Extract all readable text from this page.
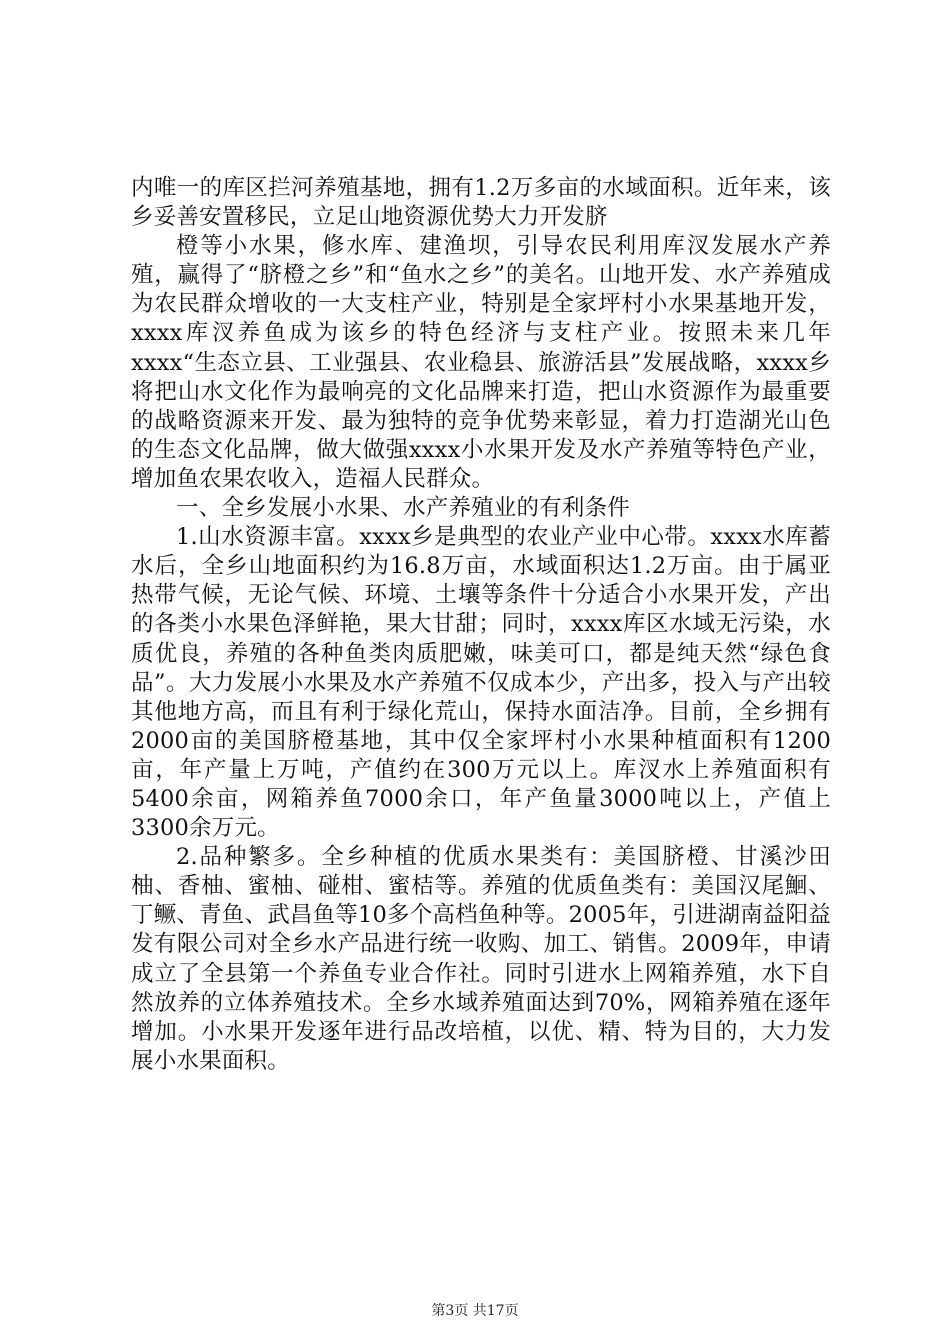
内唯一的库区拦河养殖基地，拥有1.2万多亩的水域面积。近年来，该乡妥善安置移民，立足山地资源优势大力开发脐

橙等小水果，修水库、建渔坝，引导农民利用库汊发展水产养殖，赢得了“脐橙之乡”和“鱼水之乡”的美名。山地开发、水产养殖成为农民群众增收的一大支柱产业，特别是全家坪村小水果基地开发，xxxx库汊养鱼成为该乡的特色经济与支柱产业。按照未来几年xxxx“生态立县、工业强县、农业稳县、旅游活县”发展战略，xxxx乡将把山水文化作为最响亮的文化品牌来打造，把山水资源作为最重要的战略资源来开发、最为独特的竞争优势来彰显，着力打造湖光山色的生态文化品牌，做大做强xxxx小水果开发及水产养殖等特色产业，增加鱼农果农收入，造福人民群众。

一、全乡发展小水果、水产养殖业的有利条件

1.山水资源丰富。xxxx乡是典型的农业产业中心带。xxxx水库蓄水后，全乡山地面积约为16.8万亩，水域面积达1.2万亩。由于属亚热带气候，无论气候、环境、土壤等条件十分适合小水果开发，产出的各类小水果色泽鲜艳，果大甘甜；同时，xxxx库区水域无污染，水质优良，养殖的各种鱼类肉质肥嫩，味美可口，都是纯天然“绿色食品”。大力发展小水果及水产养殖不仅成本少，产出多，投入与产出较其他地方高，而且有利于绿化荒山，保持水面洁净。目前，全乡拥有2000亩的美国脐橙基地，其中仅全家坪村小水果种植面积有1200亩，年产量上万吨，产值约在300万元以上。库汊水上养殖面积有5400余亩，网箱养鱼7000余口，年产鱼量3000吨以上，产值上3300余万元。

2.品种繁多。全乡种植的优质水果类有：美国脐橙、甘溪沙田柚、香柚、蜜柚、碰柑、蜜桔等。养殖的优质鱼类有：美国汉尾鮰、丁鳜、青鱼、武昌鱼等10多个高档鱼种等。2005年，引进湖南益阳益发有限公司对全乡水产品进行统一收购、加工、销售。2009年，申请成立了全县第一个养鱼专业合作社。同时引进水上网箱养殖，水下自然放养的立体养殖技术。全乡水域养殖面达到70%，网箱养殖在逐年增加。小水果开发逐年进行品改培植，以优、精、特为目的，大力发展小水果面积。

第3页 共17页
